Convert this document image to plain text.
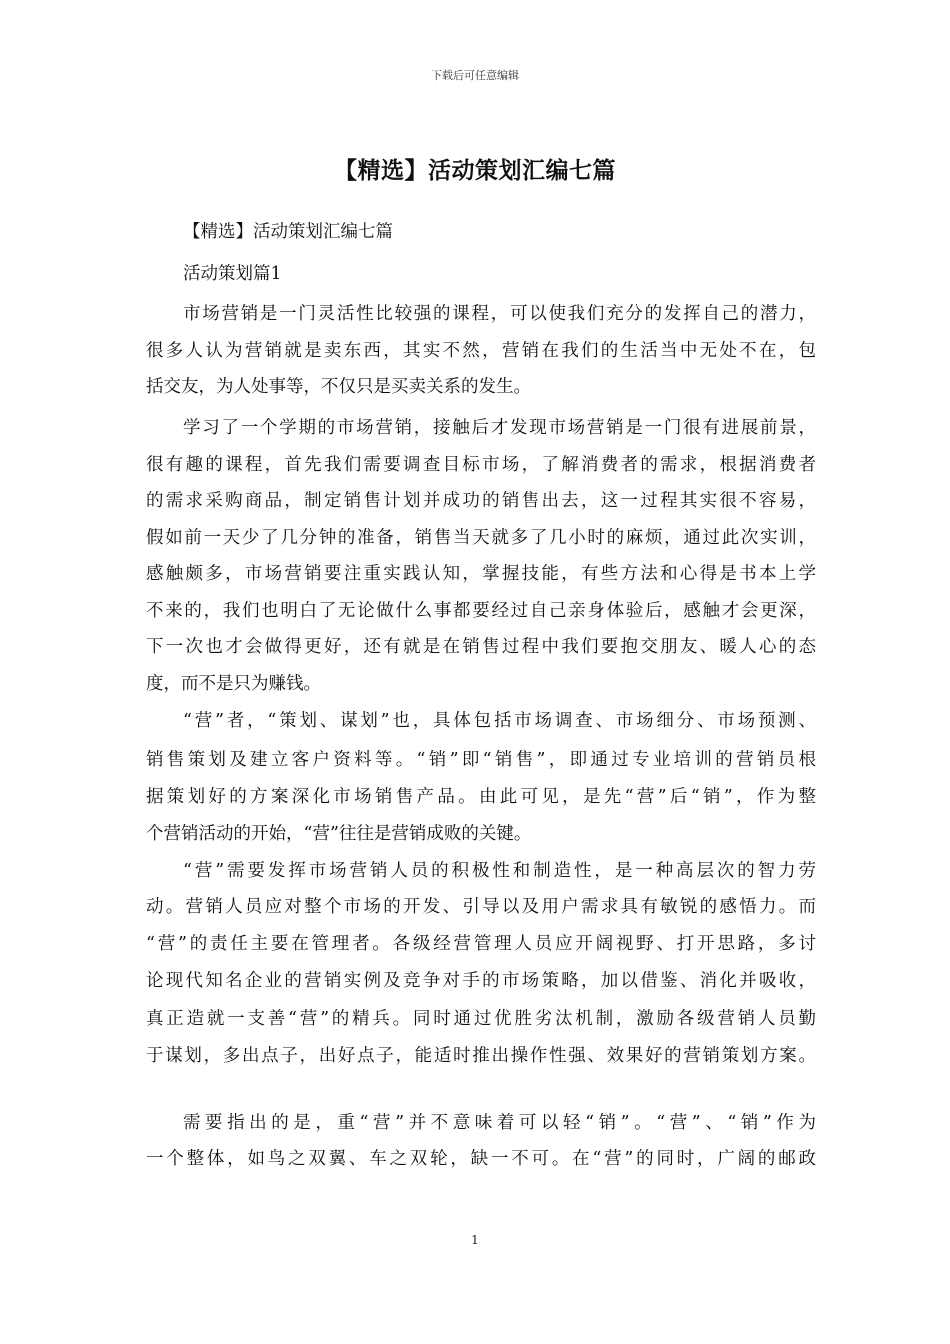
下载后可任意编辑
【精选】活动策划汇编七篇
【精选】活动策划汇编七篇
活动策划篇1
市场营销是一门灵活性比较强的课程，可以使我们充分的发挥自己的潜力，
很多人认为营销就是卖东西，其实不然，营销在我们的生活当中无处不在，包
括交友，为人处事等，不仅只是买卖关系的发生。
学习了一个学期的市场营销，接触后才发现市场营销是一门很有进展前景，
很有趣的课程，首先我们需要调查目标市场，了解消费者的需求，根据消费者
的需求采购商品，制定销售计划并成功的销售出去，这一过程其实很不容易，
假如前一天少了几分钟的准备，销售当天就多了几小时的麻烦，通过此次实训，
感触颇多，市场营销要注重实践认知，掌握技能，有些方法和心得是书本上学
不来的，我们也明白了无论做什么事都要经过自己亲身体验后，感触才会更深，
下一次也才会做得更好，还有就是在销售过程中我们要抱交朋友、暖人心的态
度，而不是只为赚钱。
“营”者，“策划、谋划”也，具体包括市场调查、市场细分、市场预测、
销售策划及建立客户资料等。“销”即“销售”，即通过专业培训的营销员根
据策划好的方案深化市场销售产品。由此可见，是先“营”后“销”，作为整
个营销活动的开始，“营”往往是营销成败的关键。
“营”需要发挥市场营销人员的积极性和制造性，是一种高层次的智力劳
动。营销人员应对整个市场的开发、引导以及用户需求具有敏锐的感悟力。而
“营”的责任主要在管理者。各级经营管理人员应开阔视野、打开思路，多讨
论现代知名企业的营销实例及竞争对手的市场策略，加以借鉴、消化并吸收，
真正造就一支善“营”的精兵。同时通过优胜劣汰机制，激励各级营销人员勤
于谋划，多出点子，出好点子，能适时推出操作性强、效果好的营销策划方案。
需要指出的是，重“营”并不意味着可以轻“销”。“营”、“销”作为
一个整体，如鸟之双翼、车之双轮，缺一不可。在“营”的同时，广阔的邮政
1
